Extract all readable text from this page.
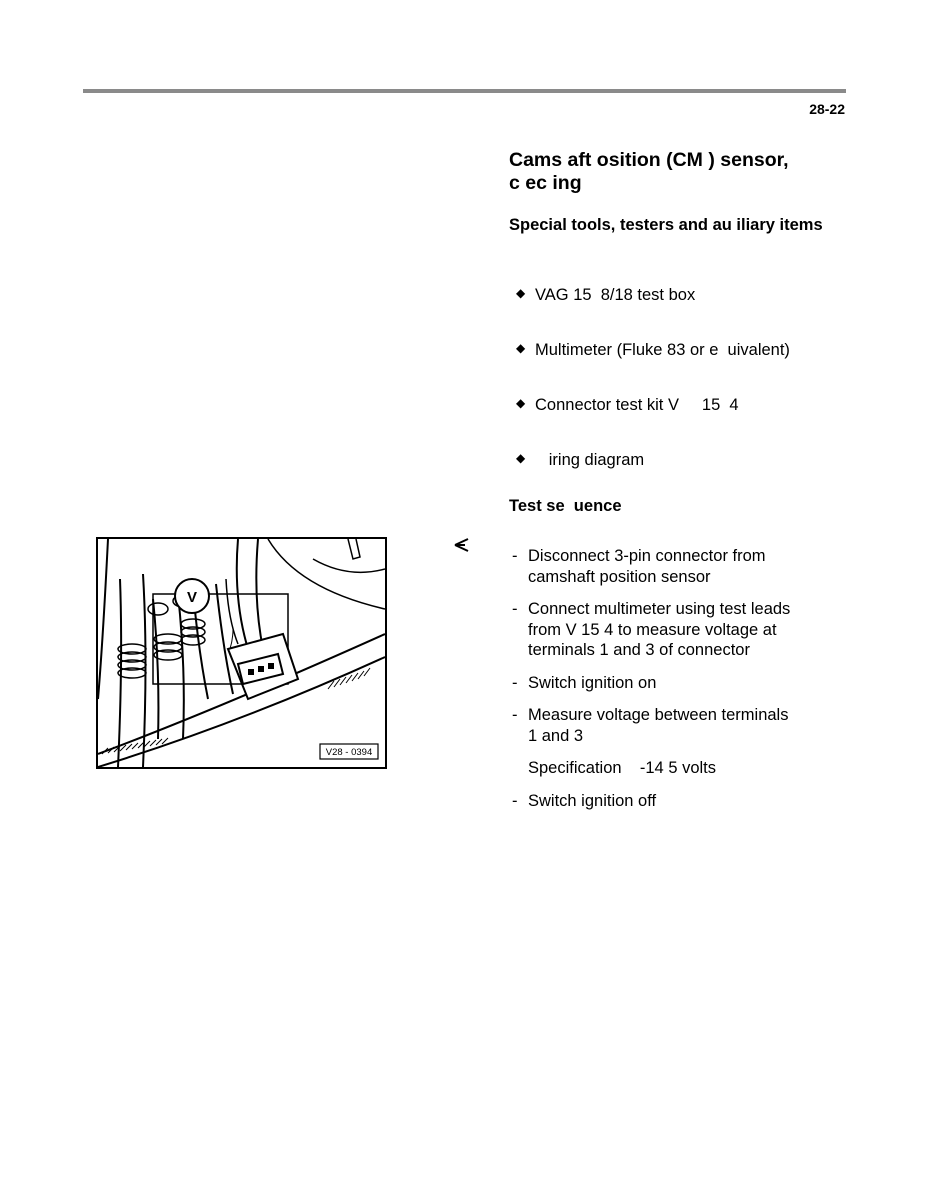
28-22
Cams aft osition (CM ) sensor,
c ec ing
Special tools, testers and au iliary items
◆ VAG 15  8/18 test box
◆ Multimeter (Fluke 83 or e  uivalent)
◆ Connector test kit V     15  4
◆   iring diagram
Test se  uence
- Disconnect 3-pin connector from
camshaft position sensor
- Connect multimeter using test leads
from V 15 4 to measure voltage at
terminals 1 and 3 of connector
- Switch ignition on
- Measure voltage between terminals
1 and 3
Specification    -14 5 volts
- Switch ignition off
V
V28 - 0394
